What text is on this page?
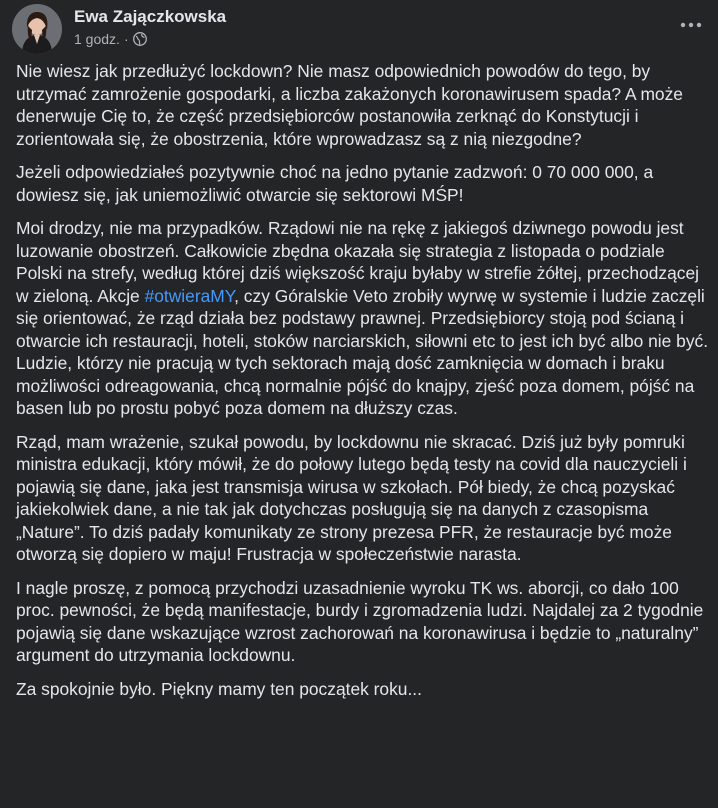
Ewa Zajączkowska
1 godz. ·

Nie wiesz jak przedłużyć lockdown? Nie masz odpowiednich powodów do tego, by utrzymać zamrożenie gospodarki, a liczba zakażonych koronawirusem spada? A może denerwuje Cię to, że część przedsiębiorców postanowiła zerknąć do Konstytucji i zorientowała się, że obostrzenia, które wprowadzasz są z nią niezgodne?

Jeżeli odpowiedziałeś pozytywnie choć na jedno pytanie zadzwoń: 0 70 000 000, a dowiesz się, jak uniemożliwić otwarcie się sektorowi MŚP!

Moi drodzy, nie ma przypadków. Rządowi nie na rękę z jakiegoś dziwnego powodu jest luzowanie obostrzeń. Całkowicie zbędna okazała się strategia z listopada o podziale Polski na strefy, według której dziś większość kraju byłaby w strefie żółtej, przechodzącej w zieloną. Akcje #otwieraMY, czy Góralskie Veto zrobiły wyrwę w systemie i ludzie zaczęli się orientować, że rząd działa bez podstawy prawnej. Przedsiębiorcy stoją pod ścianą i otwarcie ich restauracji, hoteli, stoków narciarskich, siłowni etc to jest ich być albo nie być. Ludzie, którzy nie pracują w tych sektorach mają dość zamknięcia w domach i braku możliwości odreagowania, chcą normalnie pójść do knajpy, zjeść poza domem, pójść na basen lub po prostu pobyć poza domem na dłuższy czas.

Rząd, mam wrażenie, szukał powodu, by lockdownu nie skracać. Dziś już były pomruki ministra edukacji, który mówił, że do połowy lutego będą testy na covid dla nauczycieli i pojawią się dane, jaka jest transmisja wirusa w szkołach. Pół biedy, że chcą pozyskać jakiekolwiek dane, a nie tak jak dotychczas posługują się na danych z czasopisma „Nature”. To dziś padały komunikaty ze strony prezesa PFR, że restauracje być może otworzą się dopiero w maju! Frustracja w społeczeństwie narasta.

I nagle proszę, z pomocą przychodzi uzasadnienie wyroku TK ws. aborcji, co dało 100 proc. pewności, że będą manifestacje, burdy i zgromadzenia ludzi. Najdalej za 2 tygodnie pojawią się dane wskazujące wzrost zachorowań na koronawirusa i będzie to „naturalny” argument do utrzymania lockdownu.

Za spokojnie było. Piękny mamy ten początek roku...
